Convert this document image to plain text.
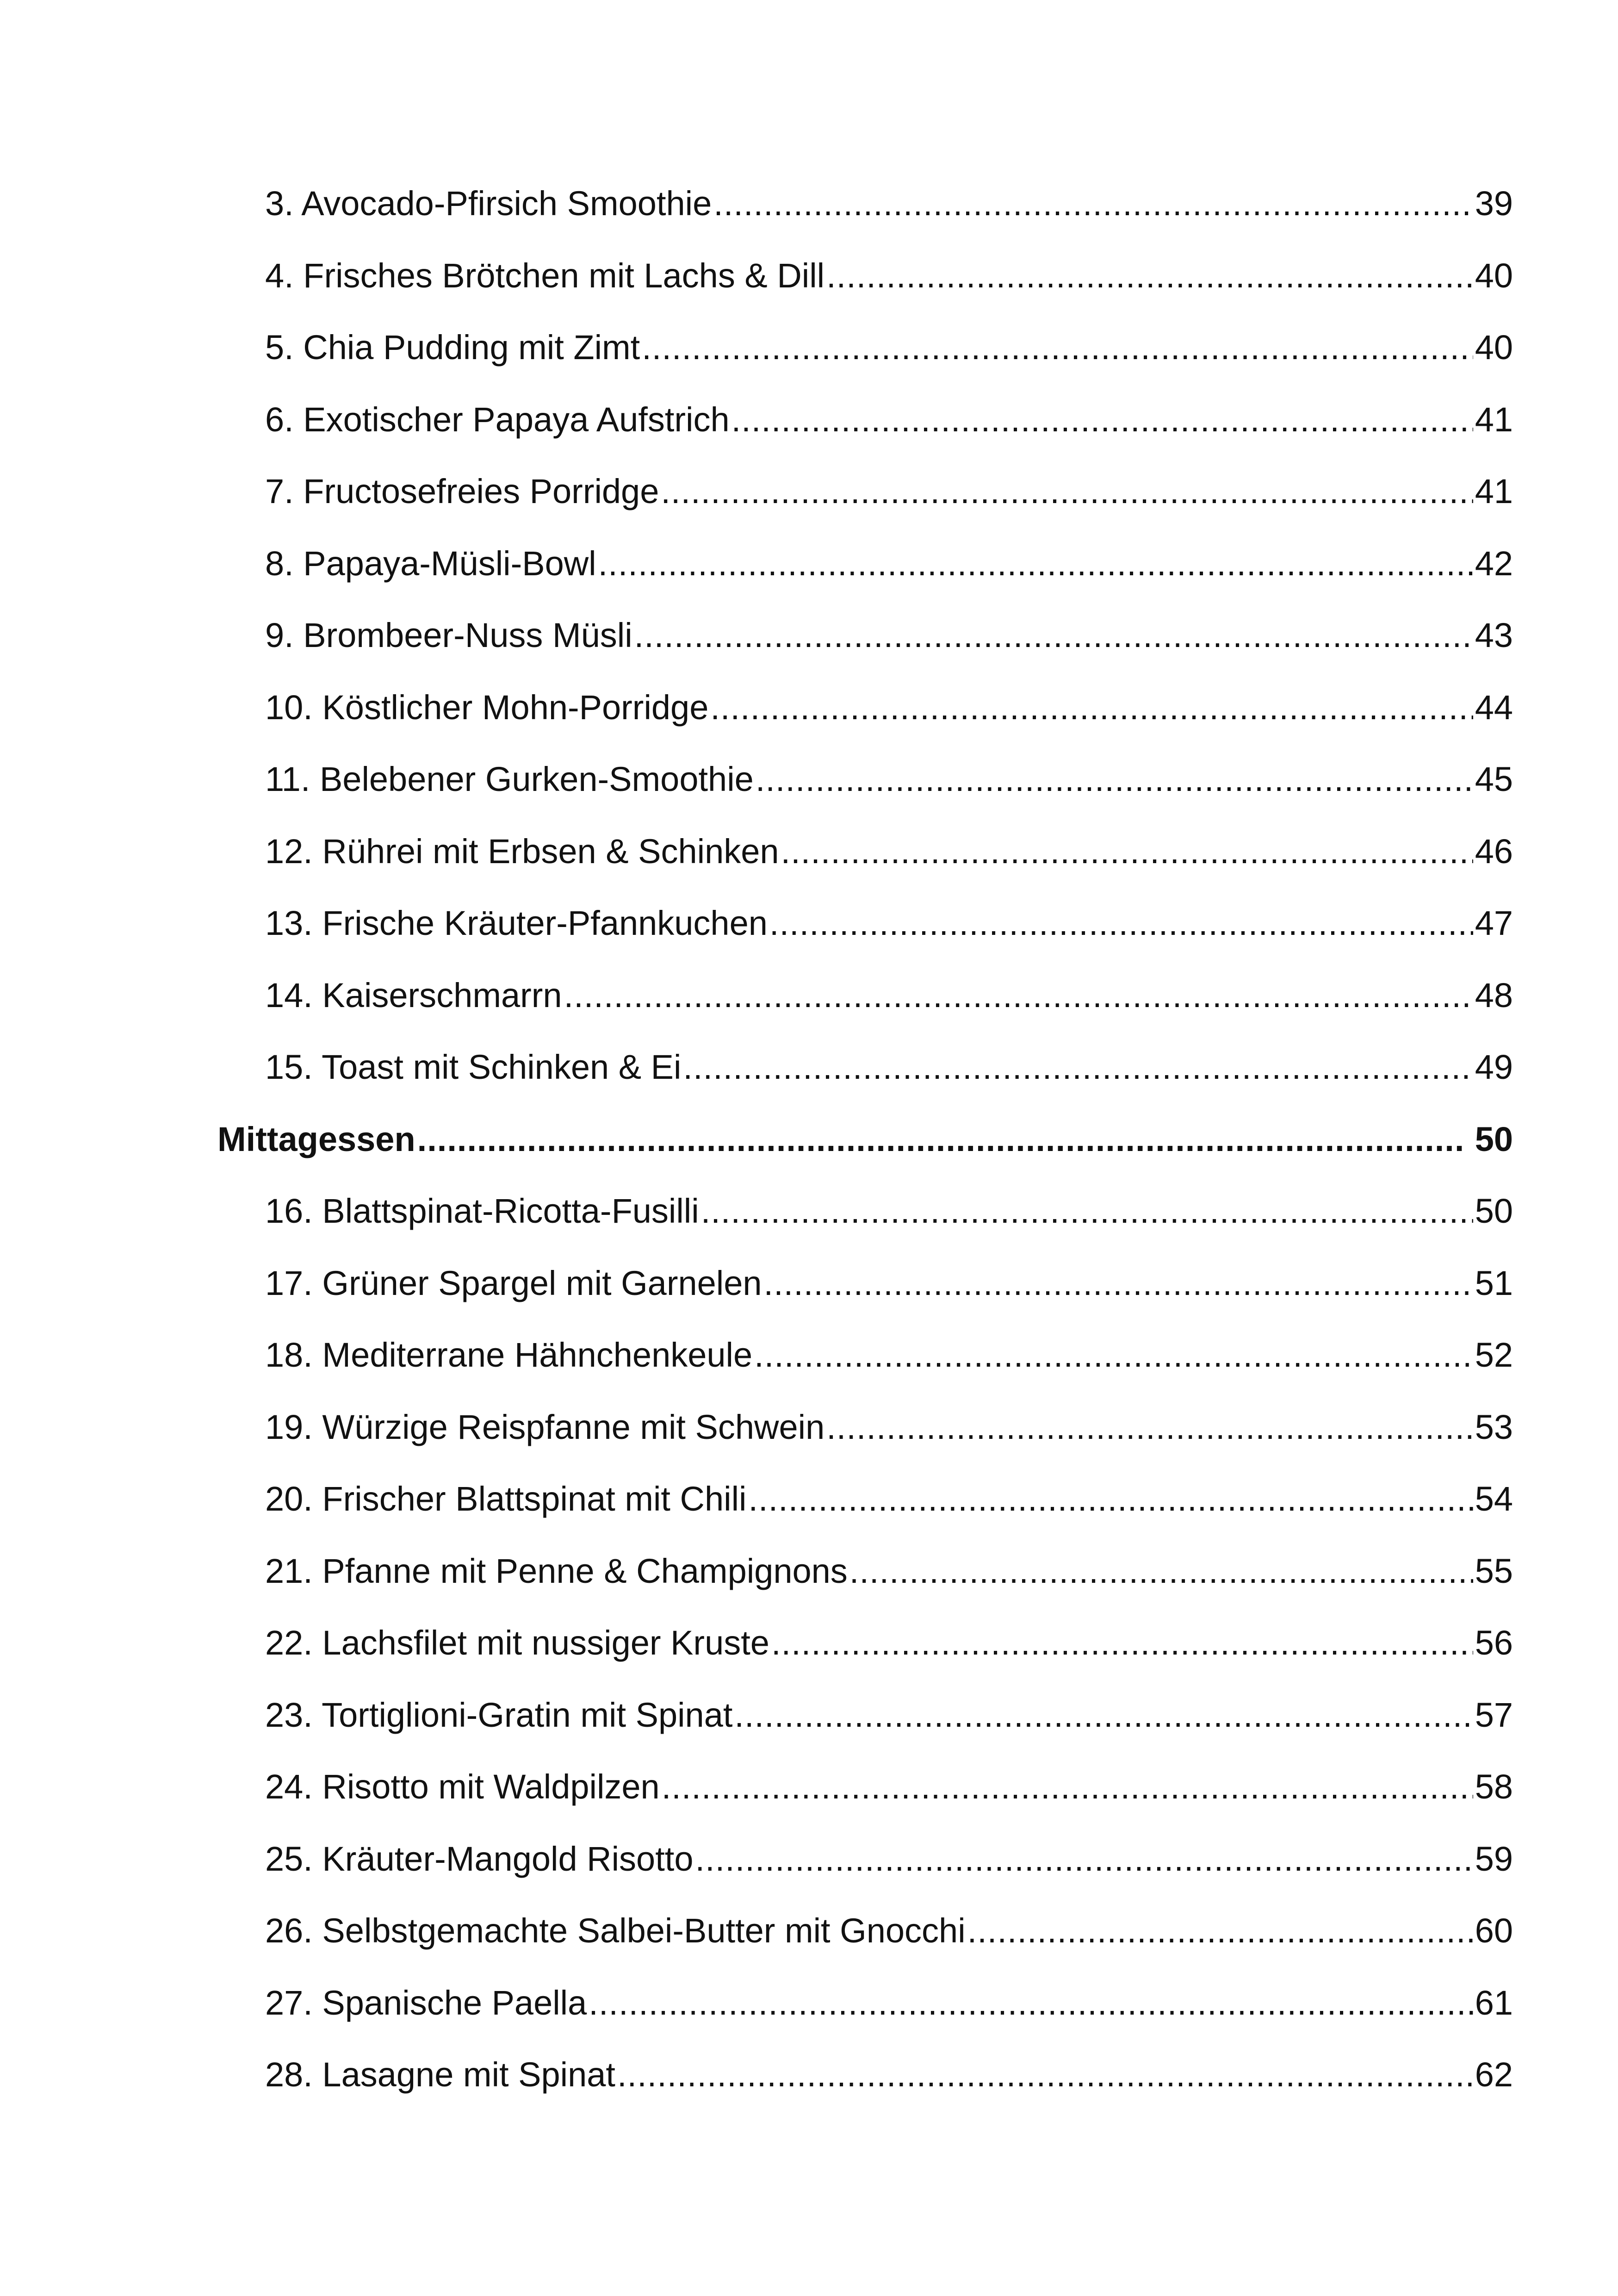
3. Avocado-Pfirsich Smoothie .....	39
4. Frisches Brötchen mit Lachs & Dill .....	40
5. Chia Pudding mit Zimt .....	40
6. Exotischer Papaya Aufstrich .....	41
7. Fructosefreies Porridge .....	41
8. Papaya-Müsli-Bowl .....	42
9. Brombeer-Nuss Müsli .....	43
10. Köstlicher Mohn-Porridge .....	44
11. Belebener Gurken-Smoothie .....	45
12. Rührei mit Erbsen & Schinken .....	46
13. Frische Kräuter-Pfannkuchen .....	47
14. Kaiserschmarrn .....	48
15. Toast mit Schinken & Ei .....	49
Mittagessen .....	50
16. Blattspinat-Ricotta-Fusilli .....	50
17. Grüner Spargel mit Garnelen .....	51
18. Mediterrane Hähnchenkeule .....	52
19. Würzige Reispfanne mit Schwein .....	53
20. Frischer Blattspinat mit Chili .....	54
21. Pfanne mit Penne & Champignons .....	55
22. Lachsfilet mit nussiger Kruste .....	56
23. Tortiglioni-Gratin mit Spinat .....	57
24. Risotto mit Waldpilzen .....	58
25. Kräuter-Mangold Risotto .....	59
26. Selbstgemachte Salbei-Butter mit Gnocchi .....	60
27. Spanische Paella .....	61
28. Lasagne mit Spinat .....	62
